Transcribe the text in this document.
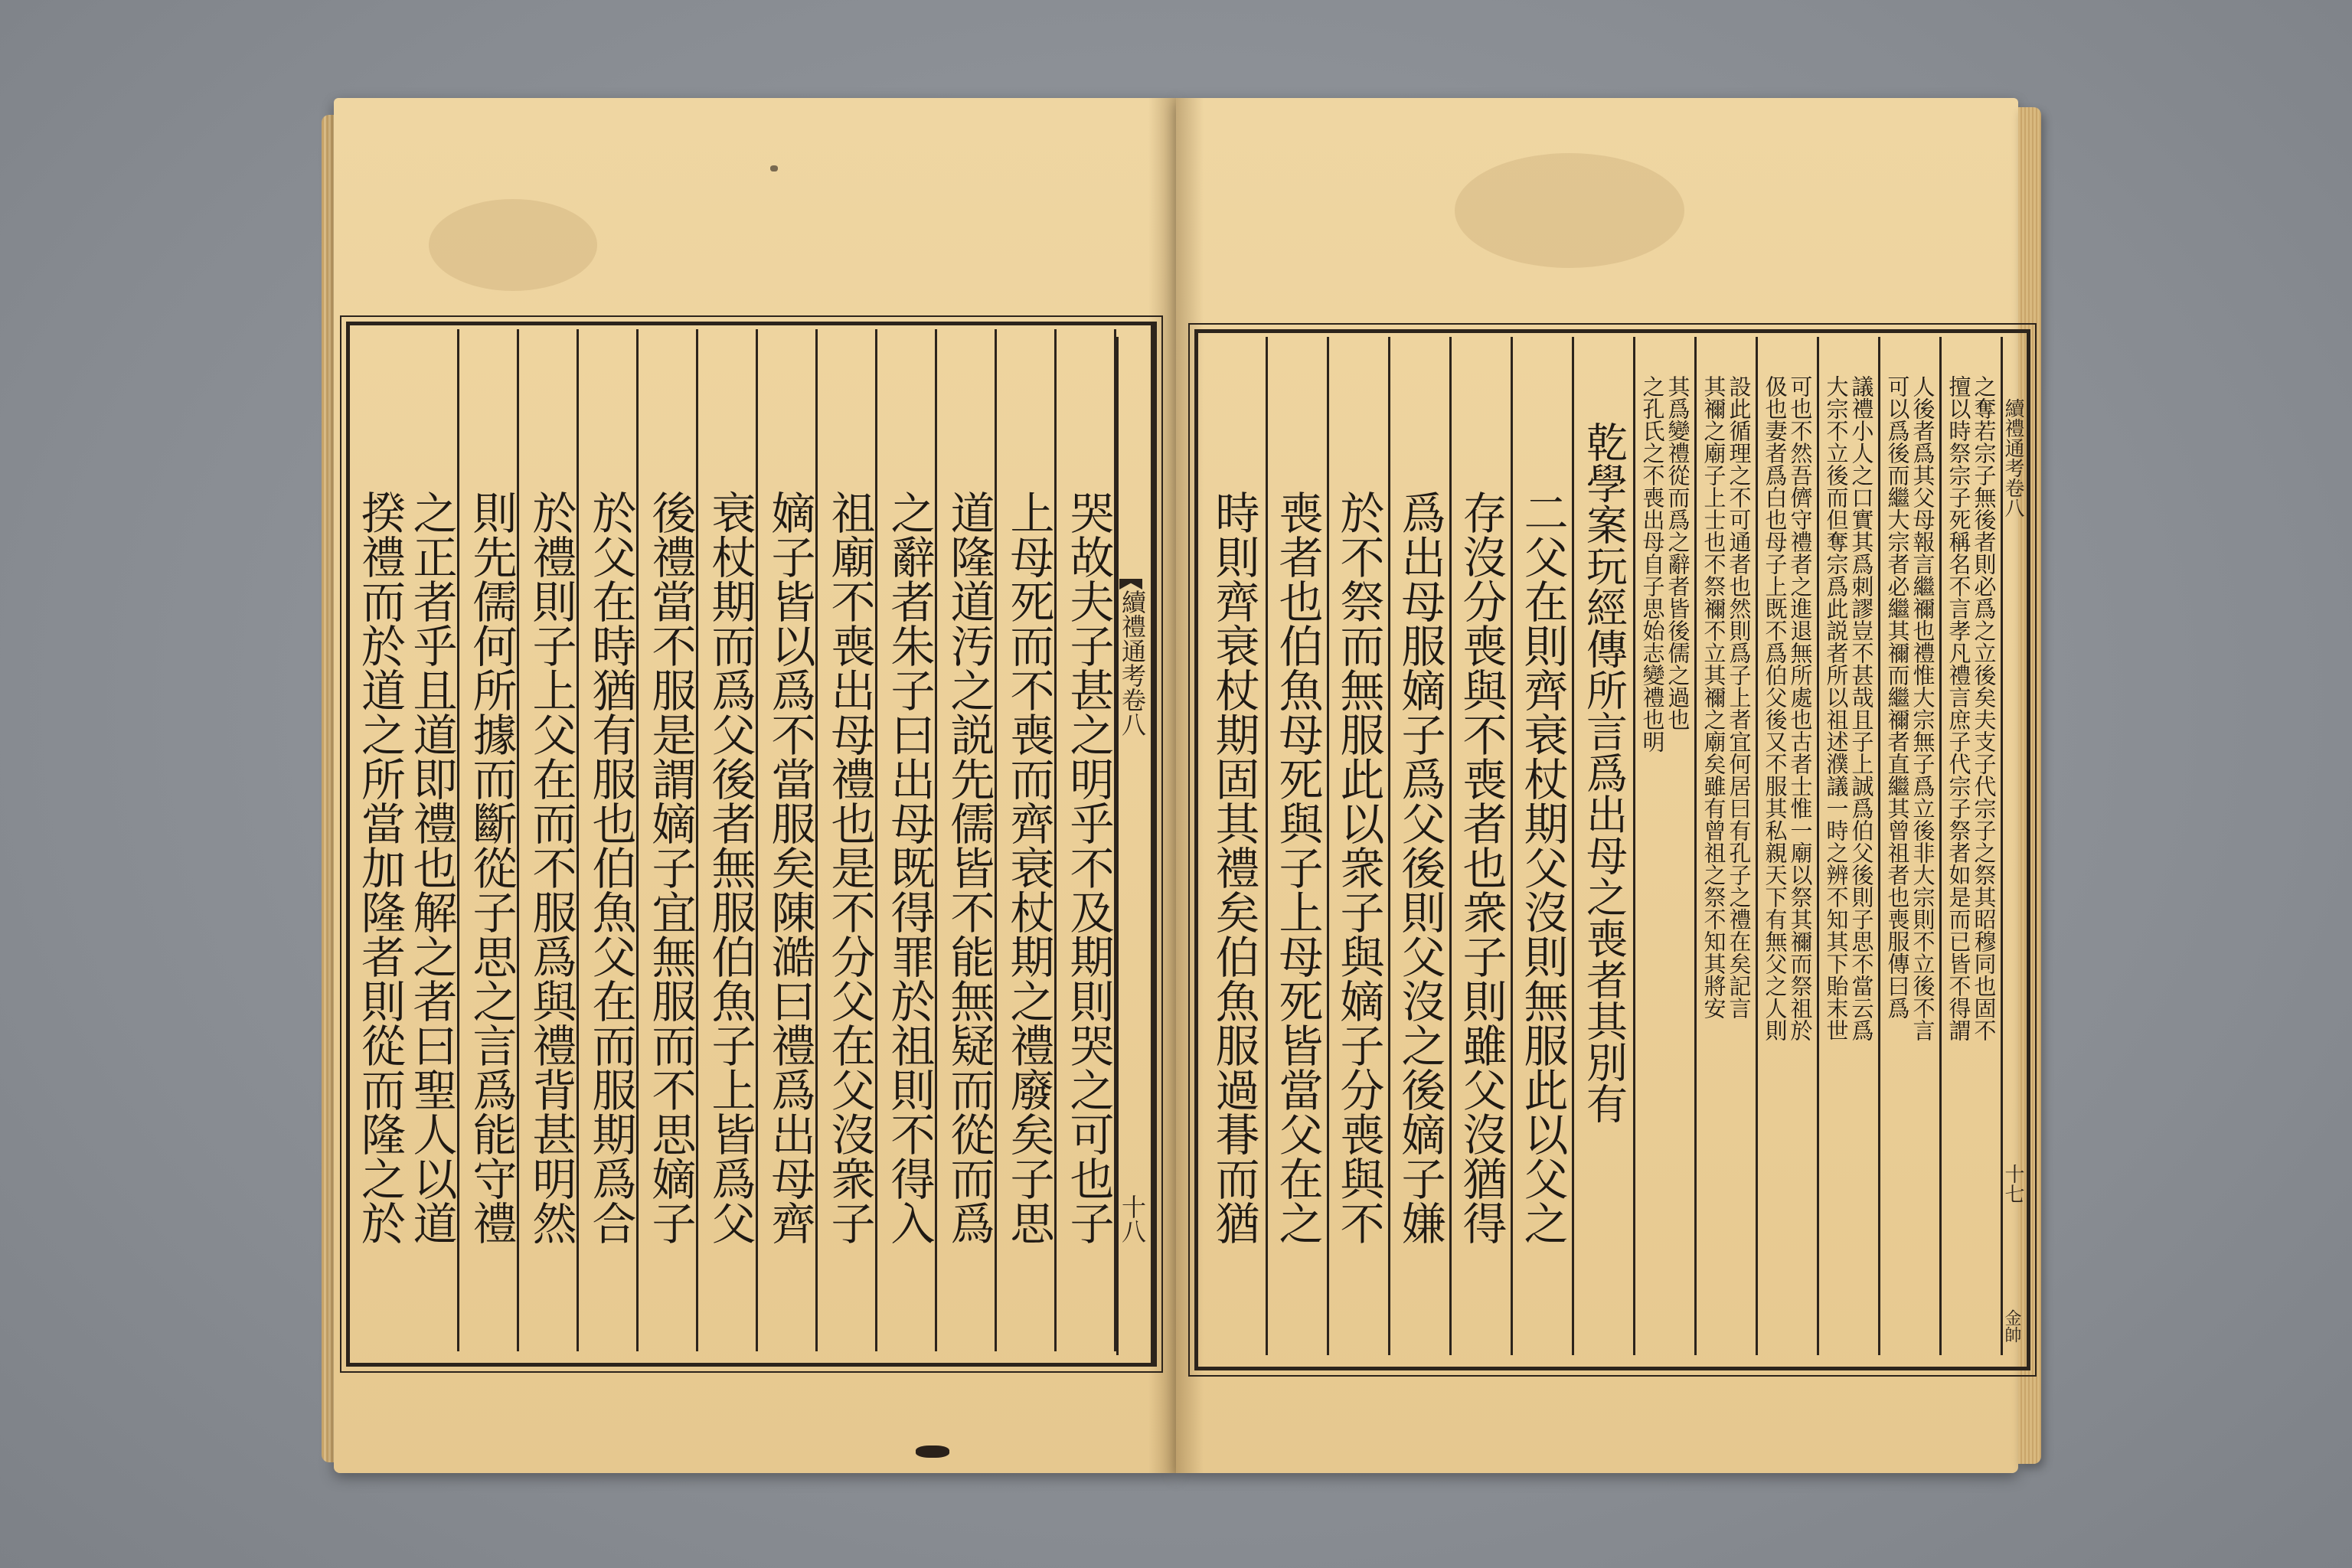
哭故夫子甚之明乎不及期則哭之可也子
上母死而不喪而齊衰杖期之禮廢矣子思
道隆道汚之説先儒皆不能無疑而從而爲
之辭者朱子曰出母既得罪於祖則不得入
祖廟不喪出母禮也是不分父在父沒衆子
嫡子皆以爲不當服矣陳澔曰禮爲出母齊
衰杖期而爲父後者無服伯魚子上皆爲父
後禮當不服是謂嫡子宜無服而不思嫡子
於父在時猶有服也伯魚父在而服期爲合
於禮則子上父在而不服爲與禮背甚明然
則先儒何所據而斷從子思之言爲能守禮
之正者乎且道即禮也解之者曰聖人以道
揆禮而於道之所當加隆者則從而隆之於	續禮通考卷八
十八 時則齊衰杖期固其禮矣伯魚服過朞而猶 喪者也伯魚母死與子上母死皆當父在之 於不祭而無服此以衆子與嫡子分喪與不 爲出母服嫡子爲父後則父沒之後嫡子嫌 存沒分喪與不喪者也衆子則雖父沒猶得 二父在則齊衰杖期父沒則無服此以父之 乾學案玩經傳所言爲出母之喪者其別有 其爲變禮從而爲之辭者皆後儒之過也
之孔氏之不喪出母自子思始志變禮也明	設此循理之不可通者也然則爲子上者宜何居曰有孔子之禮在矣記言
其禰之廟子上士也不祭禰不立其禰之廟矣雖有曾祖之祭不知其將安	可也不然吾儕守禮者之進退無所處也古者士惟一廟以祭其禰而祭祖於
伋也妻者爲白也母子上既不爲伯父後又不服其私親天下有無父之人則	議禮小人之口實其爲刺謬豈不甚哉且子上誠爲伯父後則子思不當云爲
大宗不立後而但奪宗爲此説者所以祖述濮議一時之辨不知其下貽末世	人後者爲其父母報言繼禰也禮惟大宗無子爲立後非大宗則不立後不言
可以爲後而繼大宗者必繼其禰而繼禰者直繼其曾祖者也喪服傳曰爲	之奪若宗子無後者則必爲之立後矣夫支子代宗子之祭其昭穆同也固不
擅以時祭宗子死稱名不言孝凡禮言庶子代宗子祭者如是而已皆不得謂 續禮通考卷八
十七
金帥
